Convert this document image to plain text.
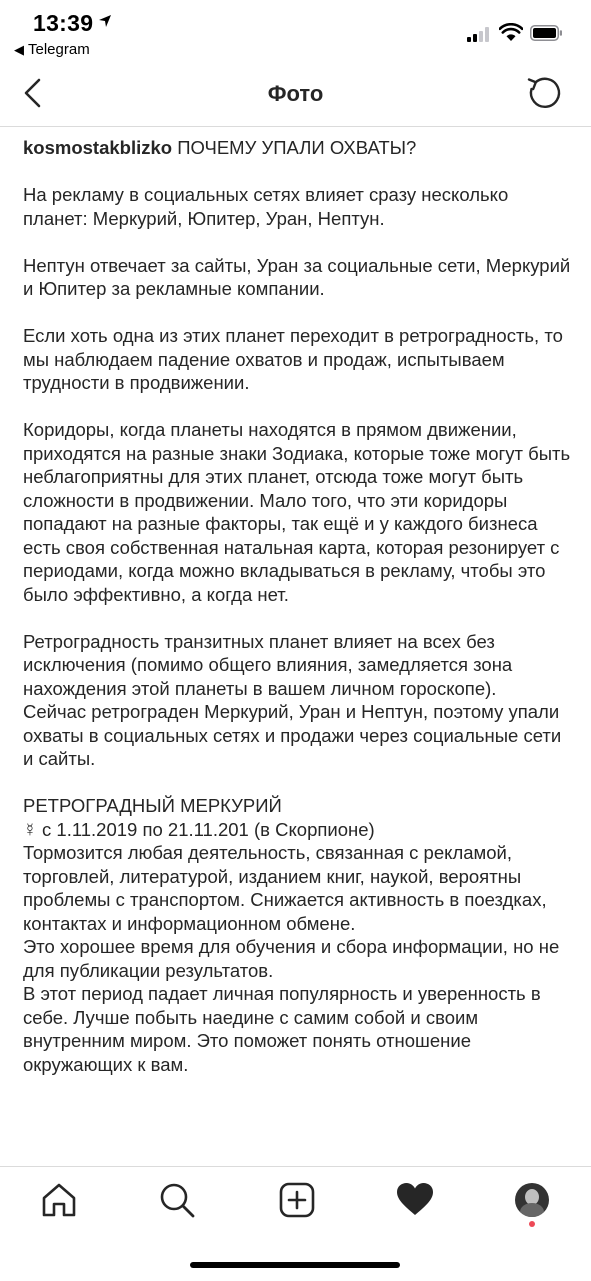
13:39
◀ Telegram
Фото

kosmostakblizko ПОЧЕМУ УПАЛИ ОХВАТЫ?

На рекламу в социальных сетях влияет сразу несколько планет: Меркурий, Юпитер, Уран, Нептун.

Нептун отвечает за сайты, Уран за социальные сети, Меркурий и Юпитер за рекламные компании.

Если хоть одна из этих планет переходит в ретроградность, то мы наблюдаем падение охватов и продаж, испытываем трудности в продвижении.

Коридоры, когда планеты находятся в прямом движении, приходятся на разные знаки Зодиака, которые тоже могут быть неблагоприятны для этих планет, отсюда тоже могут быть сложности в продвижении. Мало того, что эти коридоры попадают на разные факторы, так ещё и у каждого бизнеса есть своя собственная натальная карта, которая резонирует с периодами, когда можно вкладываться в рекламу, чтобы это было эффективно, а когда нет.

Ретроградность транзитных планет влияет на всех без исключения (помимо общего влияния, замедляется зона нахождения этой планеты в вашем личном гороскопе).
Сейчас ретрограден Меркурий, Уран и Нептун, поэтому упали охваты в социальных сетях и продажи через социальные сети и сайты.

РЕТРОГРАДНЫЙ МЕРКУРИЙ
☿ с 1.11.2019 по 21.11.201 (в Скорпионе)
Тормозится любая деятельность, связанная с рекламой, торговлей, литературой, изданием книг, наукой, вероятны проблемы с транспортом. Снижается активность в поездках, контактах и информационном обмене.

Это хорошее время для обучения и сбора информации, но не для публикации результатов.

В этот период падает личная популярность и уверенность в себе. Лучше побыть наедине с самим собой и своим внутренним миром. Это поможет понять отношение окружающих к вам.
